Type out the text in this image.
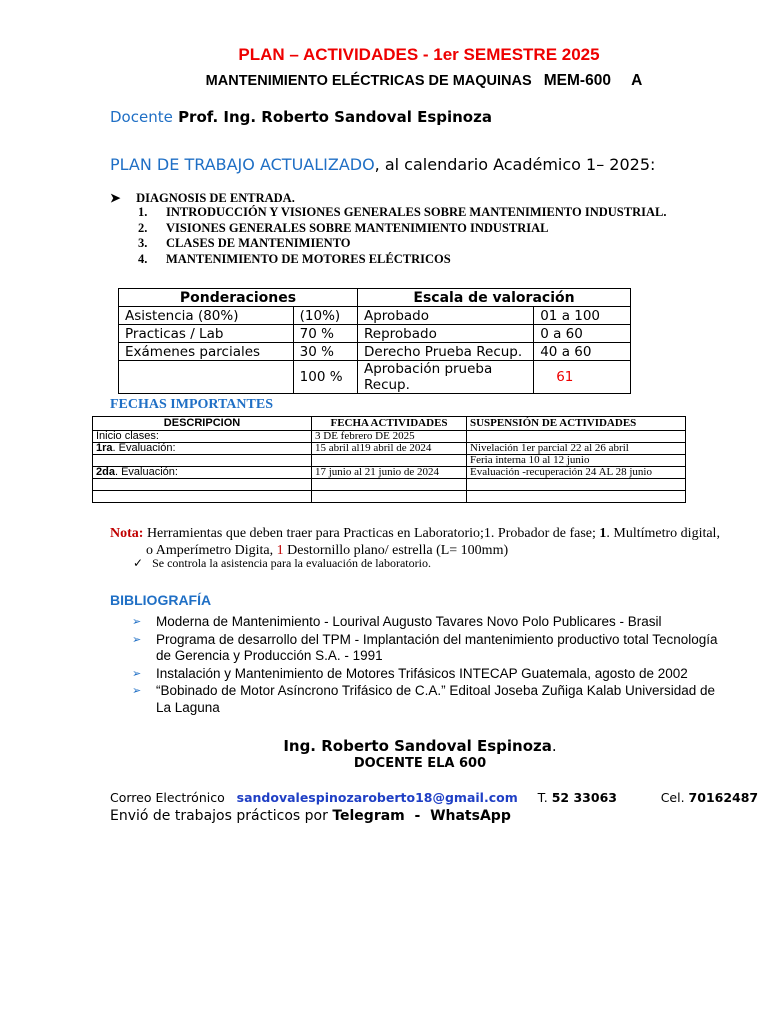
PLAN – ACTIVIDADES - 1er SEMESTRE 2025
MANTENIMIENTO ELÉCTRICAS DE MAQUINAS MEM-600 A
Docente Prof. Ing. Roberto Sandoval Espinoza
PLAN DE TRABAJO ACTUALIZADO, al calendario Académico 1– 2025:
➤ DIAGNOSIS DE ENTRADA.
1.	INTRODUCCIÓN Y VISIONES GENERALES SOBRE MANTENIMIENTO INDUSTRIAL.
2.	VISIONES GENERALES SOBRE MANTENIMIENTO INDUSTRIAL
3.	CLASES DE MANTENIMIENTO
4.	MANTENIMIENTO DE MOTORES ELÉCTRICOS
Ponderaciones		Escala de valoración	
Asistencia (80%)	(10%)	Aprobado	01 a 100
Practicas / Lab	70 %	Reprobado	0 a 60
Exámenes parciales	30 %	Derecho Prueba Recup.	40 a 60
	100 %	Aprobación prueba Recup.	61
FECHAS IMPORTANTES
DESCRIPCION	FECHA ACTIVIDADES	SUSPENSIÓN DE ACTIVIDADES
Inicio clases:	3 DE febrero DE 2025	
1ra. Evaluación:	15 abril al19 abril de 2024	Nivelación 1er parcial 22 al 26 abril
		Feria interna 10 al 12 junio
2da. Evaluación:	17 junio al 21 junio de 2024	Evaluación -recuperación 24 AL 28 junio

Nota: Herramientas que deben traer para Practicas en Laboratorio;1. Probador de fase; 1. Multímetro digital,
o Amperímetro Digita, 1 Destornillo plano/ estrella (L= 100mm)
✓ Se controla la asistencia para la evaluación de laboratorio.
BIBLIOGRAFÍA
➢ Moderna de Mantenimiento - Lourival Augusto Tavares Novo Polo Publicares - Brasil
➢ Programa de desarrollo del TPM - Implantación del mantenimiento productivo total Tecnología de Gerencia y Producción S.A. - 1991
➢ Instalación y Mantenimiento de Motores Trifásicos INTECAP Guatemala, agosto de 2002
➢ “Bobinado de Motor Asíncrono Trifásico de C.A.” Editoal Joseba Zuñiga Kalab Universidad de La Laguna
Ing. Roberto Sandoval Espinoza.
DOCENTE ELA 600
Correo Electrónico sandovalespinozaroberto18@gmail.com T. 52 33063	Cel. 70162487
Envió de trabajos prácticos por Telegram  -  WhatsApp
